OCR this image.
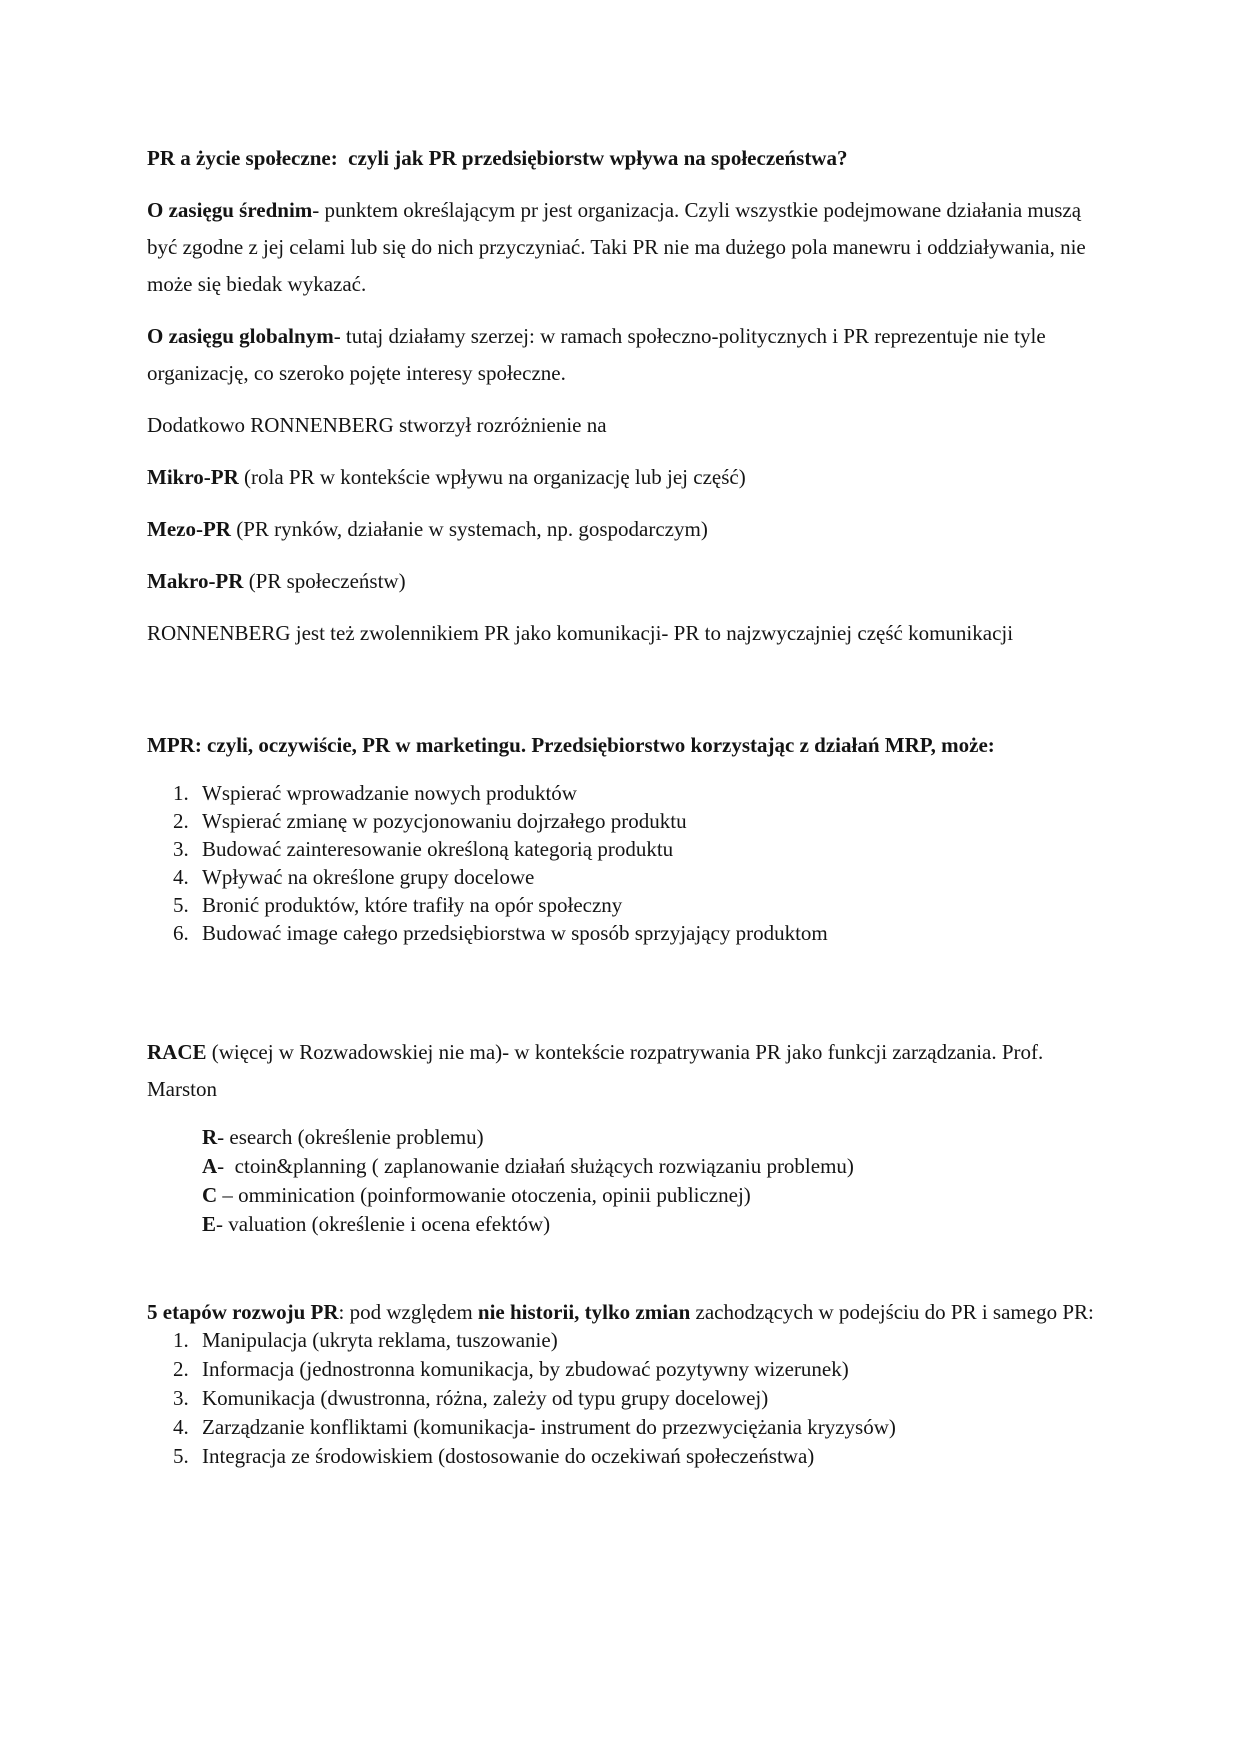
PR a życie społeczne:  czyli jak PR przedsiębiorstw wpływa na społeczeństwa?

O zasięgu średnim- punktem określającym pr jest organizacja. Czyli wszystkie podejmowane działania muszą być zgodne z jej celami lub się do nich przyczyniać. Taki PR nie ma dużego pola manewru i oddziaływania, nie może się biedak wykazać.

O zasięgu globalnym- tutaj działamy szerzej: w ramach społeczno-politycznych i PR reprezentuje nie tyle organizację, co szeroko pojęte interesy społeczne.

Dodatkowo RONNENBERG stworzył rozróżnienie na

Mikro-PR (rola PR w kontekście wpływu na organizację lub jej część)

Mezo-PR (PR rynków, działanie w systemach, np. gospodarczym)

Makro-PR (PR społeczeństw)

RONNENBERG jest też zwolennikiem PR jako komunikacji- PR to najzwyczajniej część komunikacji

MPR: czyli, oczywiście, PR w marketingu. Przedsiębiorstwo korzystając z działań MRP, może:

1. Wspierać wprowadzanie nowych produktów
2. Wspierać zmianę w pozycjonowaniu dojrzałego produktu
3. Budować zainteresowanie określoną kategorią produktu
4. Wpływać na określone grupy docelowe
5. Bronić produktów, które trafiły na opór społeczny
6. Budować image całego przedsiębiorstwa w sposób sprzyjający produktom

RACE (więcej w Rozwadowskiej nie ma)- w kontekście rozpatrywania PR jako funkcji zarządzania. Prof. Marston

R- esearch (określenie problemu)
A-  ctoin&planning ( zaplanowanie działań służących rozwiązaniu problemu)
C – omminication (poinformowanie otoczenia, opinii publicznej)
E- valuation (określenie i ocena efektów)

5 etapów rozwoju PR: pod względem nie historii, tylko zmian zachodzących w podejściu do PR i samego PR:

1. Manipulacja (ukryta reklama, tuszowanie)
2. Informacja (jednostronna komunikacja, by zbudować pozytywny wizerunek)
3. Komunikacja (dwustronna, różna, zależy od typu grupy docelowej)
4. Zarządzanie konfliktami (komunikacja- instrument do przezwyciężania kryzysów)
5. Integracja ze środowiskiem (dostosowanie do oczekiwań społeczeństwa)
